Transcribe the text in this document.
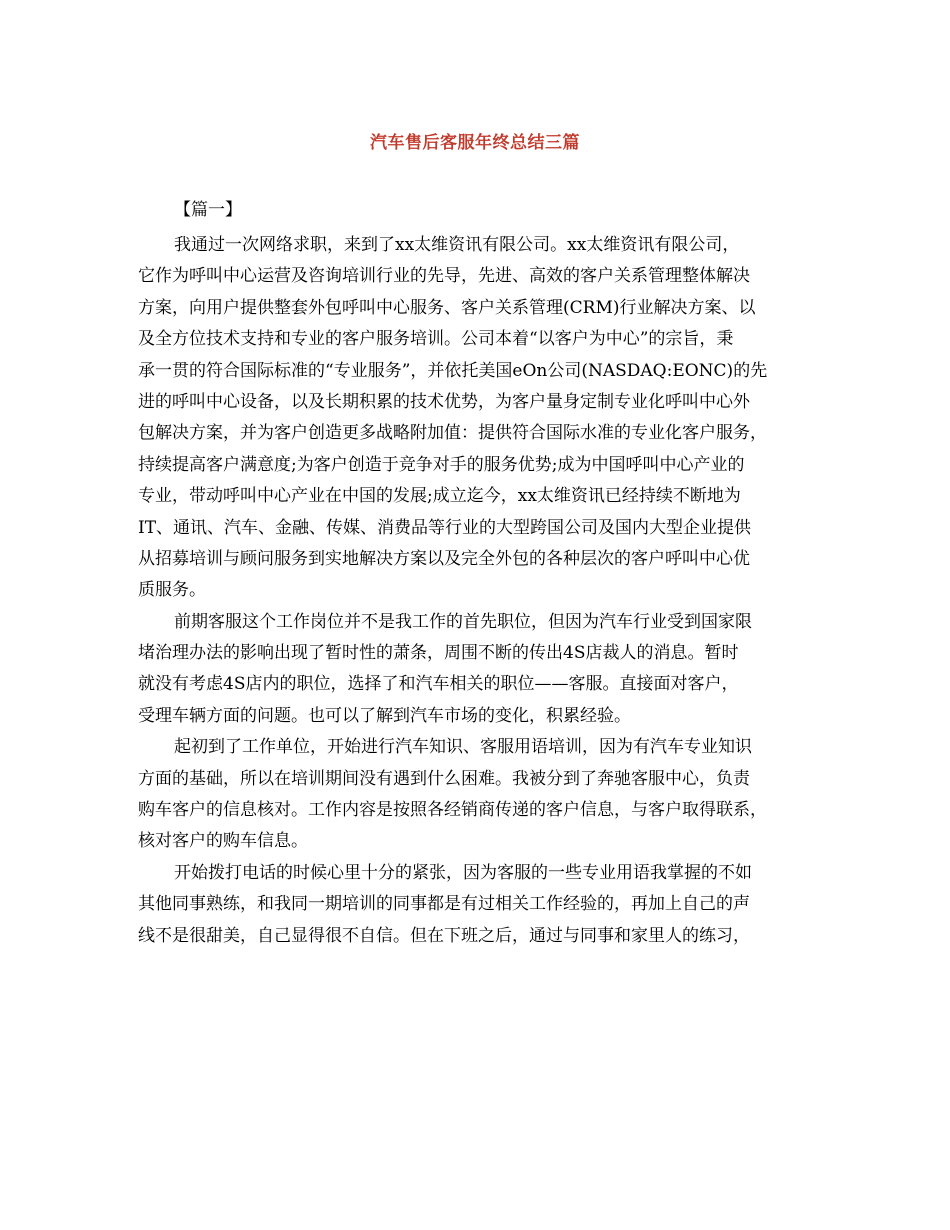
汽车售后客服年终总结三篇
【篇一】
我通过一次网络求职，来到了xx太维资讯有限公司。xx太维资讯有限公司，
它作为呼叫中心运营及咨询培训行业的先导，先进、高效的客户关系管理整体解决
方案，向用户提供整套外包呼叫中心服务、客户关系管理(CRM)行业解决方案、以
及全方位技术支持和专业的客户服务培训。公司本着“以客户为中心”的宗旨，秉
承一贯的符合国际标准的“专业服务”，并依托美国eOn公司(NASDAQ:EONC)的先
进的呼叫中心设备，以及长期积累的技术优势，为客户量身定制专业化呼叫中心外
包解决方案，并为客户创造更多战略附加值：提供符合国际水准的专业化客户服务，
持续提高客户满意度;为客户创造于竞争对手的服务优势;成为中国呼叫中心产业的
专业，带动呼叫中心产业在中国的发展;成立迄今，xx太维资讯已经持续不断地为
IT、通讯、汽车、金融、传媒、消费品等行业的大型跨国公司及国内大型企业提供
从招募培训与顾问服务到实地解决方案以及完全外包的各种层次的客户呼叫中心优
质服务。
前期客服这个工作岗位并不是我工作的首先职位，但因为汽车行业受到国家限
堵治理办法的影响出现了暂时性的萧条，周围不断的传出4S店裁人的消息。暂时
就没有考虑4S店内的职位，选择了和汽车相关的职位——客服。直接面对客户，
受理车辆方面的问题。也可以了解到汽车市场的变化，积累经验。
起初到了工作单位，开始进行汽车知识、客服用语培训，因为有汽车专业知识
方面的基础，所以在培训期间没有遇到什么困难。我被分到了奔驰客服中心，负责
购车客户的信息核对。工作内容是按照各经销商传递的客户信息，与客户取得联系，
核对客户的购车信息。
开始拨打电话的时候心里十分的紧张，因为客服的一些专业用语我掌握的不如
其他同事熟练，和我同一期培训的同事都是有过相关工作经验的，再加上自己的声
线不是很甜美，自己显得很不自信。但在下班之后，通过与同事和家里人的练习，
